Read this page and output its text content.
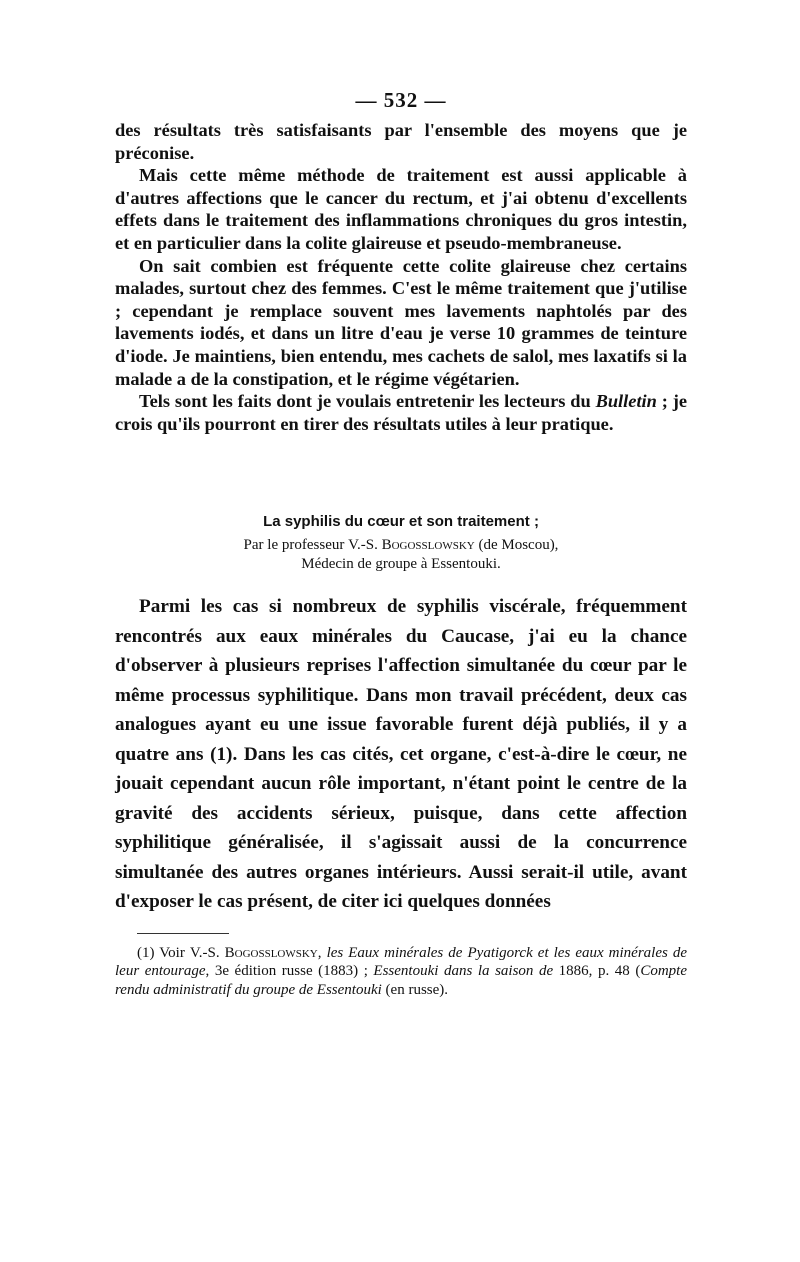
— 532 —

des résultats très satisfaisants par l'ensemble des moyens que je préconise.

Mais cette même méthode de traitement est aussi applicable à d'autres affections que le cancer du rectum, et j'ai obtenu d'excellents effets dans le traitement des inflammations chroniques du gros intestin, et en particulier dans la colite glaireuse et pseudo-membraneuse.

On sait combien est fréquente cette colite glaireuse chez certains malades, surtout chez des femmes. C'est le même traitement que j'utilise ; cependant je remplace souvent mes lavements naphtolés par des lavements iodés, et dans un litre d'eau je verse 10 grammes de teinture d'iode. Je maintiens, bien entendu, mes cachets de salol, mes laxatifs si la malade a de la constipation, et le régime végétarien.

Tels sont les faits dont je voulais entretenir les lecteurs du Bulletin ; je crois qu'ils pourront en tirer des résultats utiles à leur pratique.

La syphilis du cœur et son traitement ;

Par le professeur V.-S. Bogosslowsky (de Moscou),

Médecin de groupe à Essentouki.

Parmi les cas si nombreux de syphilis viscérale, fréquemment rencontrés aux eaux minérales du Caucase, j'ai eu la chance d'observer à plusieurs reprises l'affection simultanée du cœur par le même processus syphilitique. Dans mon travail précédent, deux cas analogues ayant eu une issue favorable furent déjà publiés, il y a quatre ans (1). Dans les cas cités, cet organe, c'est-à-dire le cœur, ne jouait cependant aucun rôle important, n'étant point le centre de la gravité des accidents sérieux, puisque, dans cette affection syphilitique généralisée, il s'agissait aussi de la concurrence simultanée des autres organes intérieurs. Aussi serait-il utile, avant d'exposer le cas présent, de citer ici quelques données

(1) Voir V.-S. Bogosslowsky, les Eaux minérales de Pyatigorck et les eaux minérales de leur entourage, 3e édition russe (1883) ; Essentouki dans la saison de 1886, p. 48 (Compte rendu administratif du groupe de Essentouki (en russe).
